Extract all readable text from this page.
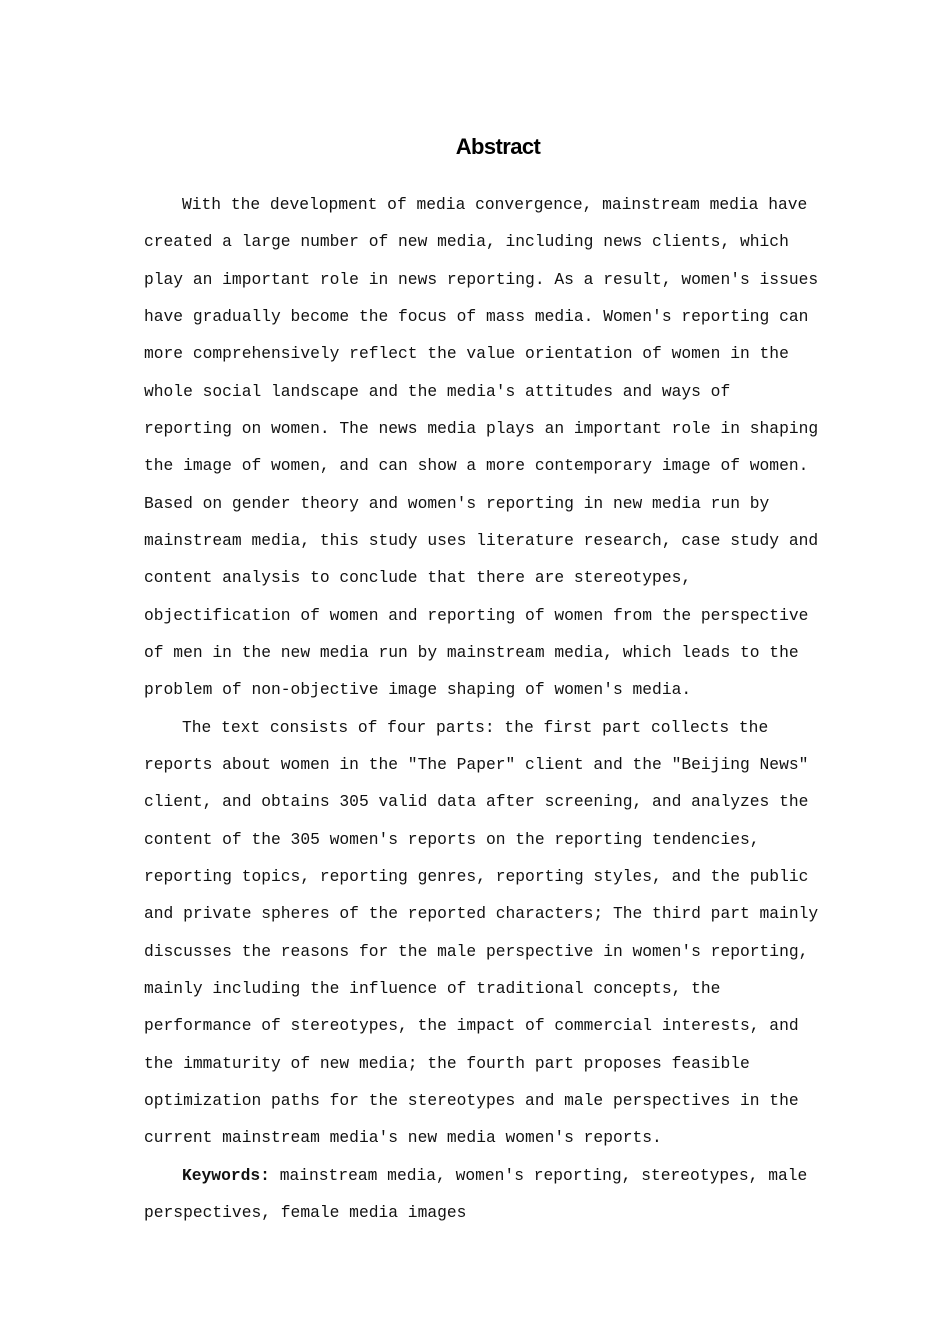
Abstract

With the development of media convergence, mainstream media have
created a large number of new media, including news clients, which
play an important role in news reporting. As a result, women's issues
have gradually become the focus of mass media. Women's reporting can
more comprehensively reflect the value orientation of women in the
whole social landscape and the media's attitudes and ways of
reporting on women. The news media plays an important role in shaping
the image of women, and can show a more contemporary image of women.
Based on gender theory and women's reporting in new media run by
mainstream media, this study uses literature research, case study and
content analysis to conclude that there are stereotypes,
objectification of women and reporting of women from the perspective
of men in the new media run by mainstream media, which leads to the
problem of non-objective image shaping of women's media.

The text consists of four parts: the first part collects the
reports about women in the "The Paper" client and the "Beijing News"
client, and obtains 305 valid data after screening, and analyzes the
content of the 305 women's reports on the reporting tendencies,
reporting topics, reporting genres, reporting styles, and the public
and private spheres of the reported characters; The third part mainly
discusses the reasons for the male perspective in women's reporting,
mainly including the influence of traditional concepts, the
performance of stereotypes, the impact of commercial interests, and
the immaturity of new media; the fourth part proposes feasible
optimization paths for the stereotypes and male perspectives in the
current mainstream media's new media women's reports.

Keywords: mainstream media, women's reporting, stereotypes, male
perspectives, female media images
